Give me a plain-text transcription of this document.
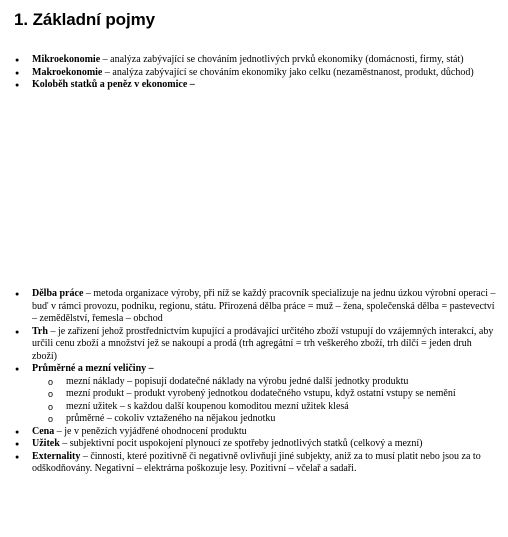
1. Základní pojmy
● Mikroekonomie – analýza zabývající se chováním jednotlivých prvků ekonomiky (domácnosti, firmy, stát)
● Makroekonomie – analýza zabývající se chováním ekonomiky jako celku (nezaměstnanost, produkt, důchod)
● Koloběh statků a peněz v ekonomice –
● Dělba práce – metoda organizace výroby, při níž se každý pracovník specializuje na jednu úzkou výrobní operaci – buď v rámci provozu, podniku, regionu, státu. Přirozená dělba práce = muž – žena, společenská dělba = pastevectví – zemědělství, řemesla – obchod
● Trh – je zařízení jehož prostřednictvím kupující a prodávající určitého zboží vstupují do vzájemných interakcí, aby určili cenu zboží a množství jež se nakoupí a prodá (trh agregátní = trh veškerého zboží, trh dílčí = jeden druh zboží)
● Průměrné a mezní veličiny –
o mezní náklady – popisují dodatečné náklady na výrobu jedné další jednotky produktu
o mezní produkt – produkt vyrobený jednotkou dodatečného vstupu, když ostatní vstupy se nemění
o mezní užitek – s každou další koupenou komoditou mezní užitek klesá
o průměrné – cokoliv vztaženého na nějakou jednotku
● Cena – je v penězích vyjádřené ohodnocení produktu
● Užitek – subjektivní pocit uspokojení plynoucí ze spotřeby jednotlivých statků (celkový a mezní)
● Externality – činnosti, které pozitivně či negativně ovlivňují jiné subjekty, aniž za to musí platit nebo jsou za to odškodňovány. Negativní – elektrárna poškozuje lesy. Pozitivní – včelař a sadaři.
